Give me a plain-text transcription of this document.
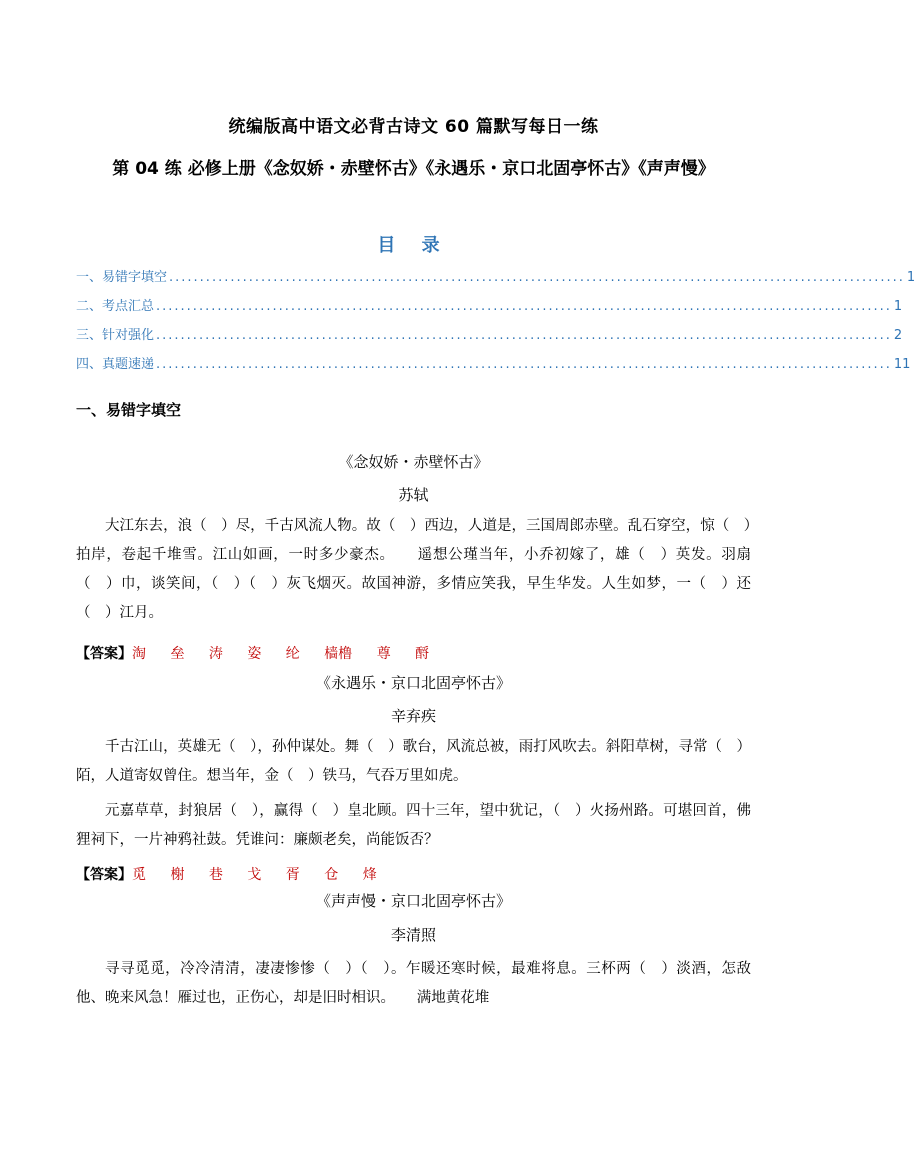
统编版高中语文必背古诗文 60 篇默写每日一练
第 04 练 必修上册《念奴娇・赤壁怀古》《永遇乐・京口北固亭怀古》《声声慢》
目 录
一、易错字填空 ........................................................................................................................ 1
二、考点汇总 ........................................................................................................................ 1
三、针对强化 ........................................................................................................................ 2
四、真题速递 ........................................................................................................................ 11
一、易错字填空
《念奴娇・赤壁怀古》
苏轼
大江东去，浪（　）尽，千古风流人物。故（　）西边，人道是，三国周郎赤壁。乱石穿空，惊（　）拍岸，卷起千堆雪。江山如画，一时多少豪杰。　　遥想公瑾当年，小乔初嫁了，雄（　）英发。羽扇（　）巾，谈笑间，（　）（　）灰飞烟灭。故国神游，多情应笑我，早生华发。人生如梦，一（　）还（　）江月。
【答案】淘 垒 涛 姿 纶 樯橹 尊 酹
《永遇乐・京口北固亭怀古》
辛弃疾
千古江山，英雄无（　），孙仲谋处。舞（　）歌台，风流总被，雨打风吹去。斜阳草树，寻常（　）陌，人道寄奴曾住。想当年，金（　）铁马，气吞万里如虎。
元嘉草草，封狼居（　），赢得（　）皇北顾。四十三年，望中犹记，（　）火扬州路。可堪回首，佛狸祠下，一片神鸦社鼓。凭谁问：廉颇老矣，尚能饭否？
【答案】觅 榭 巷 戈 胥 仓 烽
《声声慢・京口北固亭怀古》
李清照
寻寻觅觅，冷冷清清，凄凄惨惨（　）（　）。乍暖还寒时候，最难将息。三杯两（　）淡酒，怎敌他、晚来风急！雁过也，正伤心，却是旧时相识。　　满地黄花堆
